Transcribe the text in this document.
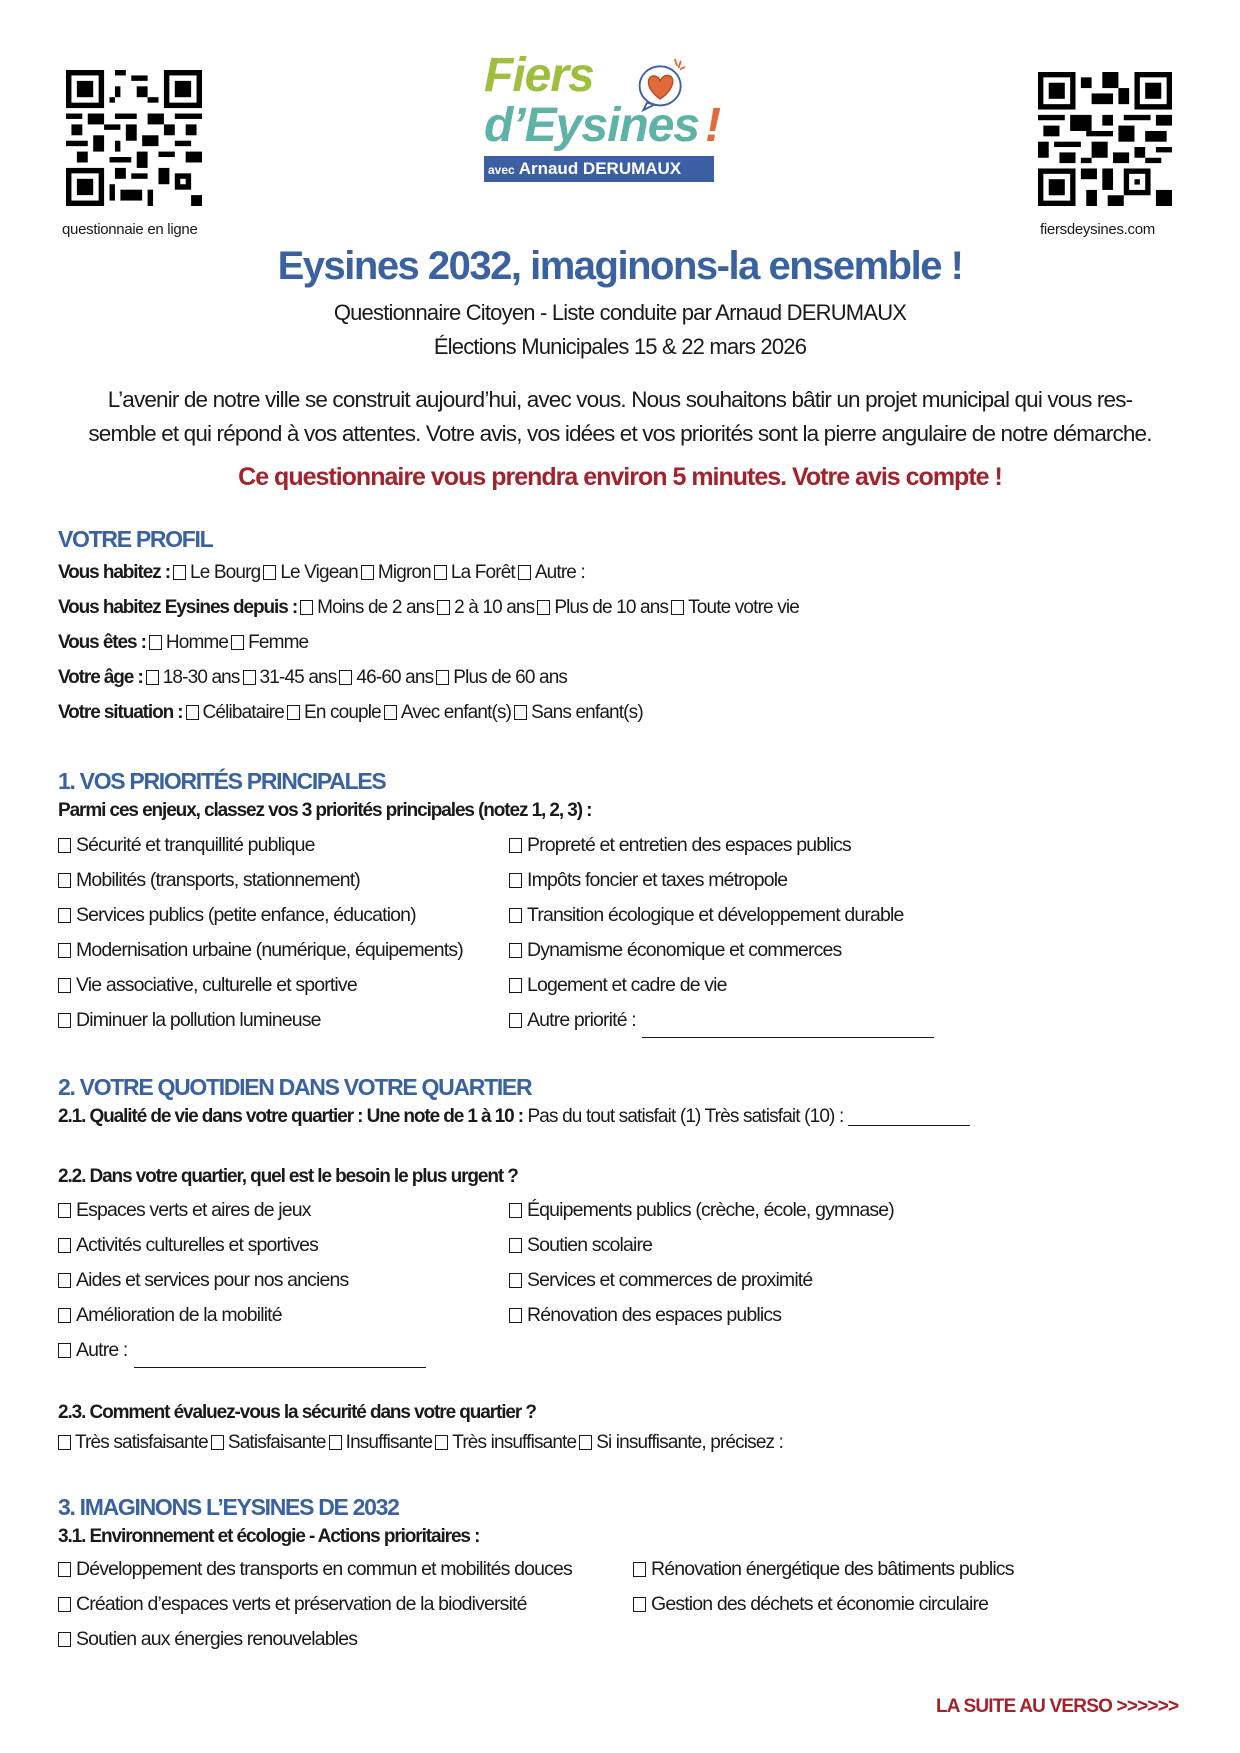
questionnaie en ligne	fiersdeysines.com
Fiers
d’Eysines !
avec Arnaud DERUMAUX
Eysines 2032, imaginons-la ensemble !
Questionnaire Citoyen - Liste conduite par Arnaud DERUMAUX
Élections Municipales 15 & 22 mars 2026
L’avenir de notre ville se construit aujourd’hui, avec vous. Nous souhaitons bâtir un projet municipal qui vous res-
semble et qui répond à vos attentes. Votre avis, vos idées et vos priorités sont la pierre angulaire de notre démarche.
Ce questionnaire vous prendra environ 5 minutes. Votre avis compte !
VOTRE PROFIL
Vous habitez : Le Bourg Le Vigean Migron La Forêt Autre :
Vous habitez Eysines depuis : Moins de 2 ans 2 à 10 ans Plus de 10 ans Toute votre vie
Vous êtes : Homme Femme
Votre âge : 18-30 ans 31-45 ans 46-60 ans Plus de 60 ans
Votre situation : Célibataire En couple Avec enfant(s) Sans enfant(s)
1. VOS PRIORITÉS PRINCIPALES
Parmi ces enjeux, classez vos 3 priorités principales (notez 1, 2, 3) :
Sécurité et tranquillité publique
Mobilités (transports, stationnement)
Services publics (petite enfance, éducation)
Modernisation urbaine (numérique, équipements)
Vie associative, culturelle et sportive
Diminuer la pollution lumineuse
Propreté et entretien des espaces publics
Impôts foncier et taxes métropole
Transition écologique et développement durable
Dynamisme économique et commerces
Logement et cadre de vie
Autre priorité :
2. VOTRE QUOTIDIEN DANS VOTRE QUARTIER
2.1. Qualité de vie dans votre quartier : Une note de 1 à 10 : Pas du tout satisfait (1) Très satisfait (10) :
2.2. Dans votre quartier, quel est le besoin le plus urgent ?
Espaces verts et aires de jeux
Activités culturelles et sportives
Aides et services pour nos anciens
Amélioration de la mobilité
Autre :
Équipements publics (crèche, école, gymnase)
Soutien scolaire
Services et commerces de proximité
Rénovation des espaces publics
2.3. Comment évaluez-vous la sécurité dans votre quartier ?
Très satisfaisante Satisfaisante Insuffisante Très insuffisante Si insuffisante, précisez :
3. IMAGINONS L’EYSINES DE 2032
3.1. Environnement et écologie - Actions prioritaires :
Développement des transports en commun et mobilités douces
Création d’espaces verts et préservation de la biodiversité
Soutien aux énergies renouvelables
Rénovation énergétique des bâtiments publics
Gestion des déchets et économie circulaire
LA SUITE AU VERSO >>>>>>
